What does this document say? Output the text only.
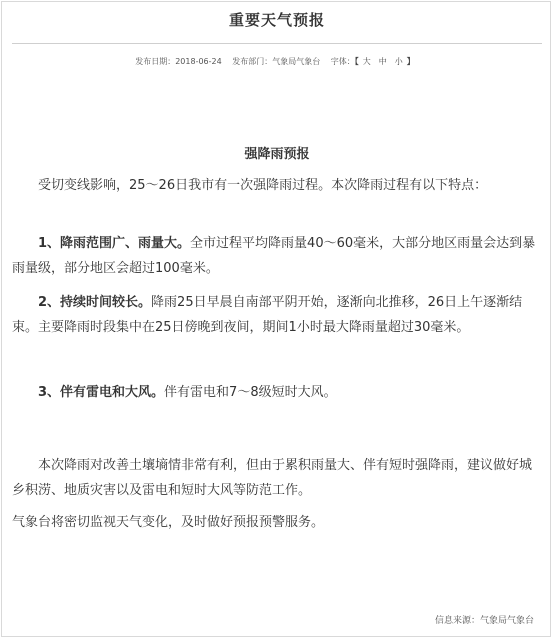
重要天气预报
发布日期：2018-06-24 发布部门：气象局气象台 字体：【 大 中 小 】
强降雨预报

受切变线影响，25～26日我市有一次强降雨过程。本次降雨过程有以下特点：

1、降雨范围广、雨量大。全市过程平均降雨量40～60毫米，大部分地区雨量会达到暴雨量级，部分地区会超过100毫米。

2、持续时间较长。降雨25日早晨自南部平阴开始，逐渐向北推移，26日上午逐渐结束。主要降雨时段集中在25日傍晚到夜间，期间1小时最大降雨量超过30毫米。

3、伴有雷电和大风。伴有雷电和7～8级短时大风。

本次降雨对改善土壤墒情非常有利，但由于累积雨量大、伴有短时强降雨，建议做好城乡积涝、地质灾害以及雷电和短时大风等防范工作。

气象台将密切监视天气变化，及时做好预报预警服务。

信息来源：气象局气象台
